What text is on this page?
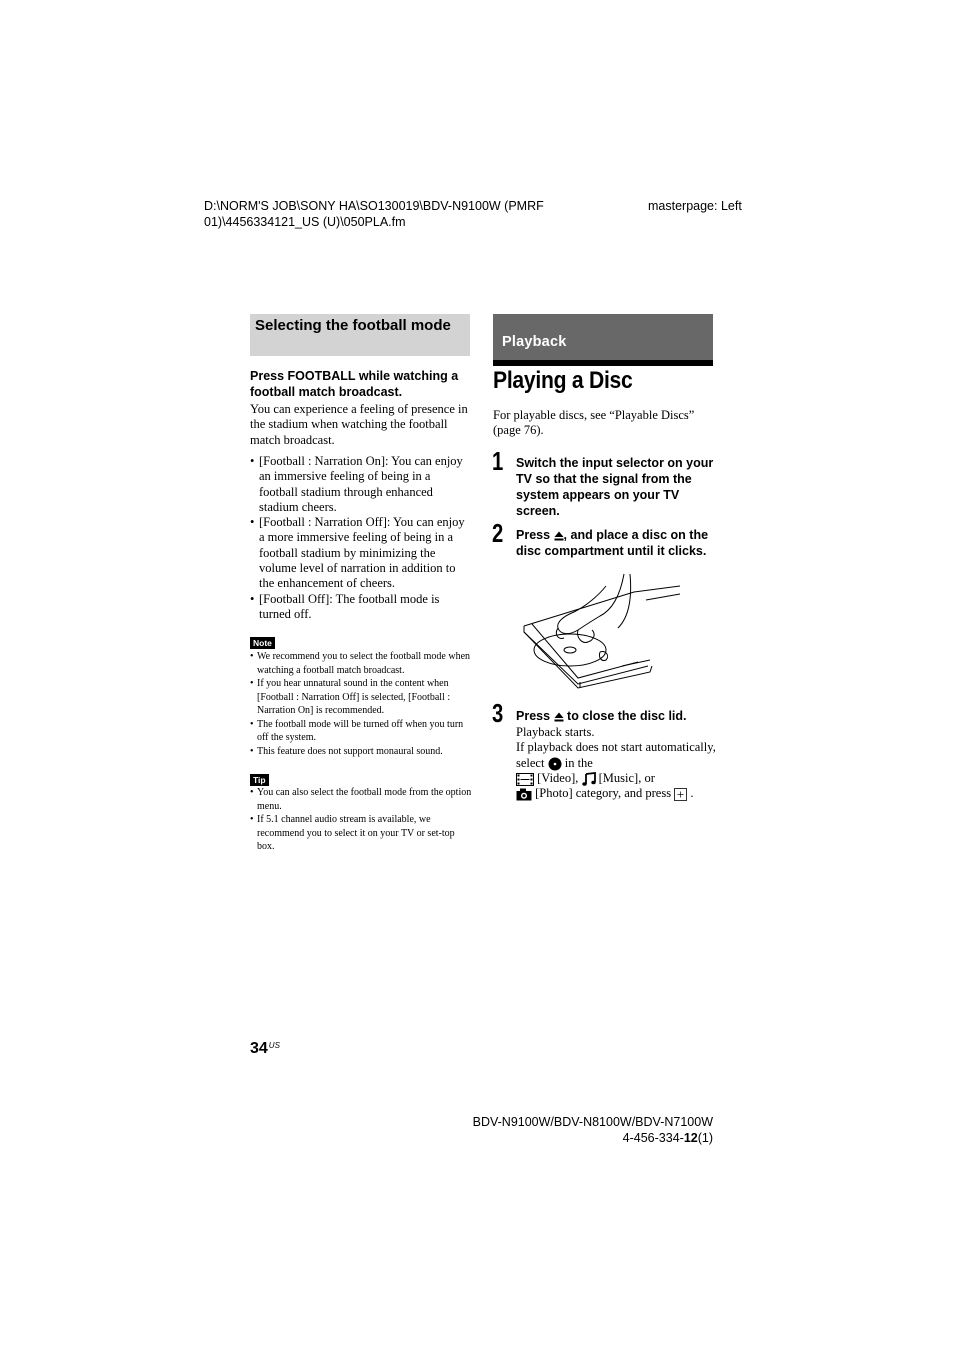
D:\NORM'S JOB\SONY HA\SO130019\BDV-N9100W (PMRF
01)\4456334121_US (U)\050PLA.fm
masterpage: Left
Selecting the football mode
Press FOOTBALL while watching a football match broadcast.
You can experience a feeling of presence in the stadium when watching the football match broadcast.
• [Football : Narration On]: You can enjoy an immersive feeling of being in a football stadium through enhanced stadium cheers.
• [Football : Narration Off]: You can enjoy a more immersive feeling of being in a football stadium by minimizing the volume level of narration in addition to the enhancement of cheers.
• [Football Off]: The football mode is turned off.
Note
• We recommend you to select the football mode when watching a football match broadcast.
• If you hear unnatural sound in the content when [Football : Narration Off] is selected, [Football : Narration On] is recommended.
• The football mode will be turned off when you turn off the system.
• This feature does not support monaural sound.
Tip
• You can also select the football mode from the option menu.
• If 5.1 channel audio stream is available, we recommend you to select it on your TV or set-top box.
Playback
Playing a Disc
For playable discs, see “Playable Discs” (page 76).
1 Switch the input selector on your TV so that the signal from the system appears on your TV screen.
2 Press , and place a disc on the disc compartment until it clicks.
3 Press to close the disc lid.
Playback starts.
If playback does not start automatically, select in the
[Video], [Music], or
[Photo] category, and press .
$34^{US}$
BDV-N9100W/BDV-N8100W/BDV-N7100W
4-456-334-12(1)
